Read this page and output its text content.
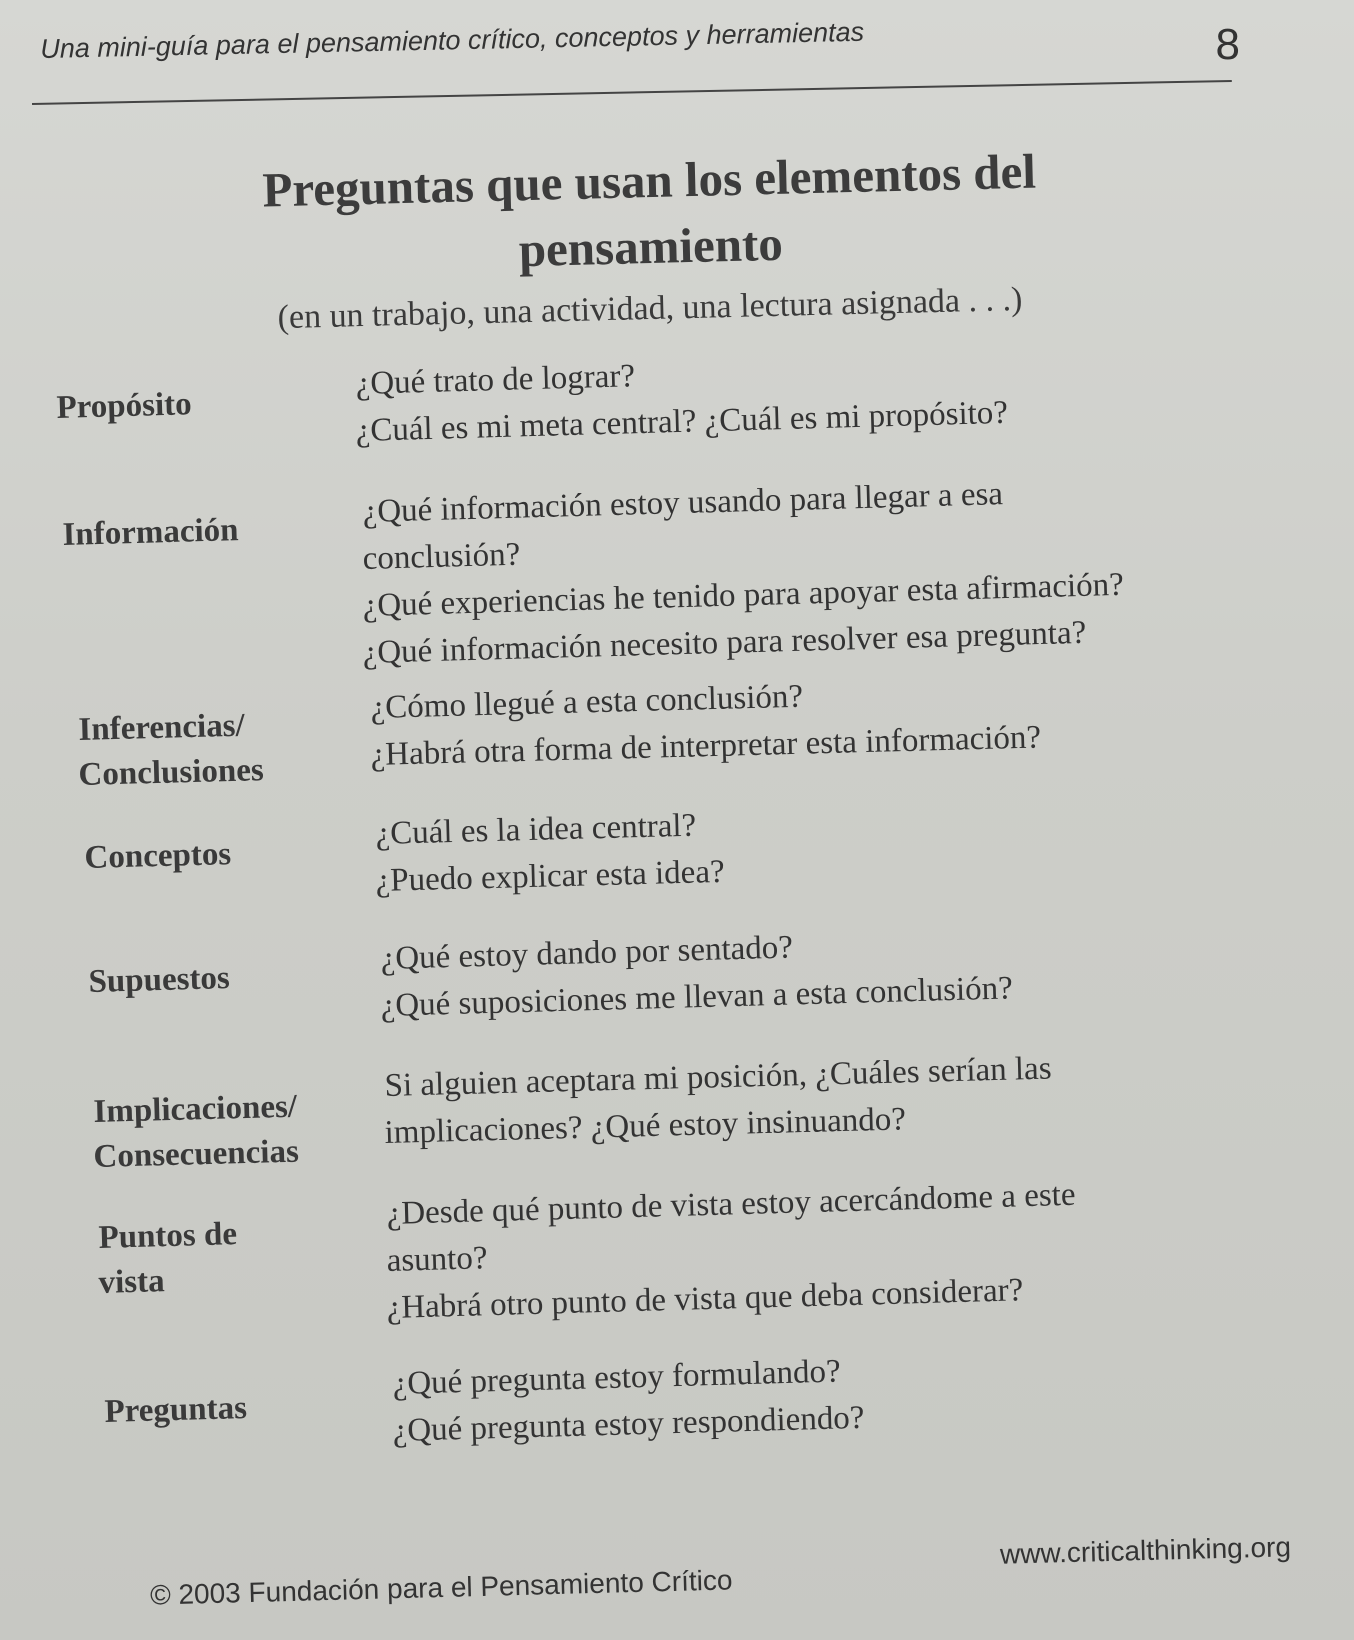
Una mini-guía para el pensamiento crítico, conceptos y herramientas	8
Preguntas que usan los elementos del
pensamiento
(en un trabajo, una actividad, una lectura asignada . . .)
Propósito
¿Qué trato de lograr?
¿Cuál es mi meta central? ¿Cuál es mi propósito?
Información
¿Qué información estoy usando para llegar a esa
conclusión?
¿Qué experiencias he tenido para apoyar esta afirmación?
¿Qué información necesito para resolver esa pregunta?
Inferencias/
Conclusiones
¿Cómo llegué a esta conclusión?
¿Habrá otra forma de interpretar esta información?
Conceptos
¿Cuál es la idea central?
¿Puedo explicar esta idea?
Supuestos
¿Qué estoy dando por sentado?
¿Qué suposiciones me llevan a esta conclusión?
Implicaciones/
Consecuencias
Si alguien aceptara mi posición, ¿Cuáles serían las
implicaciones? ¿Qué estoy insinuando?
Puntos de
vista
¿Desde qué punto de vista estoy acercándome a este
asunto?
¿Habrá otro punto de vista que deba considerar?
Preguntas
¿Qué pregunta estoy formulando?
¿Qué pregunta estoy respondiendo?
www.criticalthinking.org
© 2003 Fundación para el Pensamiento Crítico
